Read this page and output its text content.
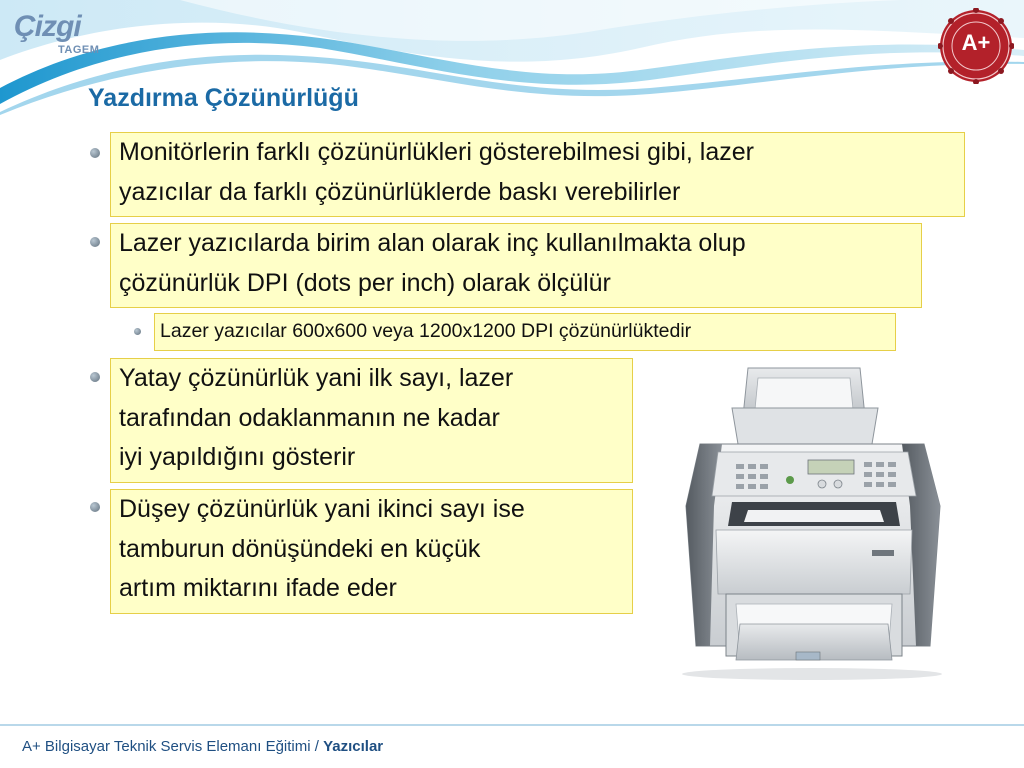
Çizgi
TAGEM	A+
Yazdırma Çözünürlüğü
Monitörlerin farklı çözünürlükleri gösterebilmesi gibi, lazer
yazıcılar da farklı çözünürlüklerde baskı verebilirler
Lazer yazıcılarda birim alan olarak inç kullanılmakta olup
çözünürlük DPI (dots per inch) olarak ölçülür
Lazer yazıcılar 600x600 veya 1200x1200 DPI çözünürlüktedir
Yatay çözünürlük yani ilk sayı, lazer
tarafından odaklanmanın ne kadar
iyi yapıldığını gösterir
Düşey çözünürlük yani ikinci sayı ise
tamburun dönüşündeki en küçük
artım miktarını ifade eder
A+ Bilgisayar Teknik Servis Elemanı Eğitimi / Yazıcılar
